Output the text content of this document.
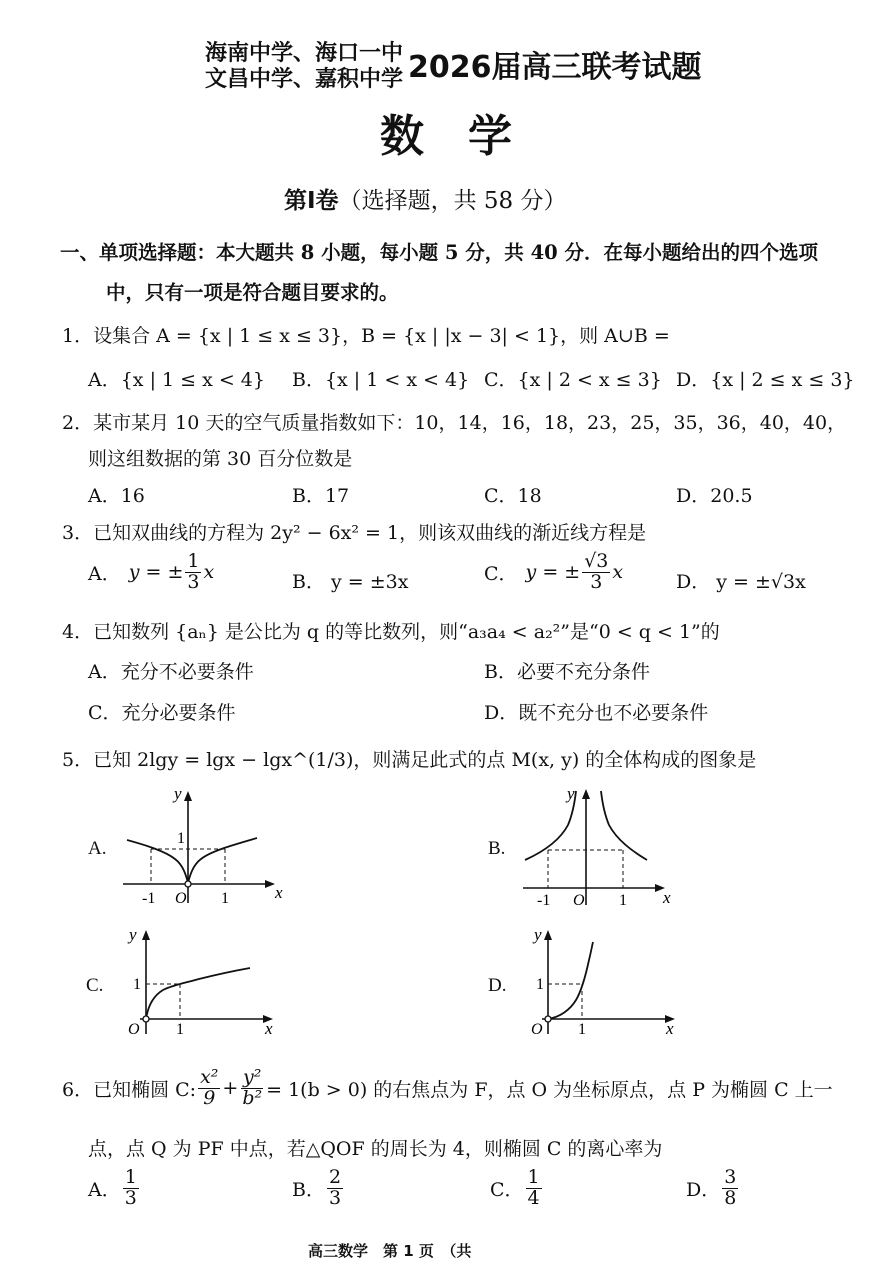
海南中学、海口一中
文昌中学、嘉积中学 2026届高三联考试题
数　学
第Ⅰ卷（选择题，共 58 分）
一、单项选择题：本大题共 8 小题，每小题 5 分，共 40 分．在每小题给出的四个选项
中，只有一项是符合题目要求的。
1．设集合 A = {x | 1 ≤ x ≤ 3}，B = {x | |x − 3| < 1}，则 A∪B =
A．{x | 1 ≤ x < 4} B．{x | 1 < x < 4} C．{x | 2 < x ≤ 3} D．{x | 2 ≤ x ≤ 3}
2．某市某月 10 天的空气质量指数如下：10，14，16，18，23，25，35，36，40，40，
则这组数据的第 30 百分位数是
A．16	B．17	C．18	D．20.5
3．已知双曲线的方程为 2y² − 6x² = 1，则该双曲线的渐近线方程是
A． y = ± $\frac{1}{3}$ x	B． y = ±3x	C． y = ± $\frac{√3}{3}$ x	D． y = ±√3x
4．已知数列 {aₙ} 是公比为 q 的等比数列，则“a₃a₄ < a₂²”是“0 < q < 1”的
A．充分不必要条件	B．必要不充分条件
C．充分必要条件	D．既不充分也不必要条件
5．已知 2lgy = lgx − lgx^(1/3)，则满足此式的点 M(x, y) 的全体构成的图象是
A.	B.
C.	D.
y
x
O
1
-1	1
y
x
O
-1	1
y
x
O
1
1
y
x
O
1
1
6．已知椭圆 C: $\frac{\text{x²}}{9} + \frac{\text{y²}}{\text{b²}} = 1(b > 0)$ 的右焦点为 F，点 O 为坐标原点，点 P 为椭圆 C 上一
点，点 Q 为 PF 中点，若△QOF 的周长为 4，则椭圆 C 的离心率为
A． $\frac{1}{3}$	B． $\frac{2}{3}$	C． $\frac{1}{4}$	D． $\frac{3}{8}$
高三数学　第 1 页　（共
